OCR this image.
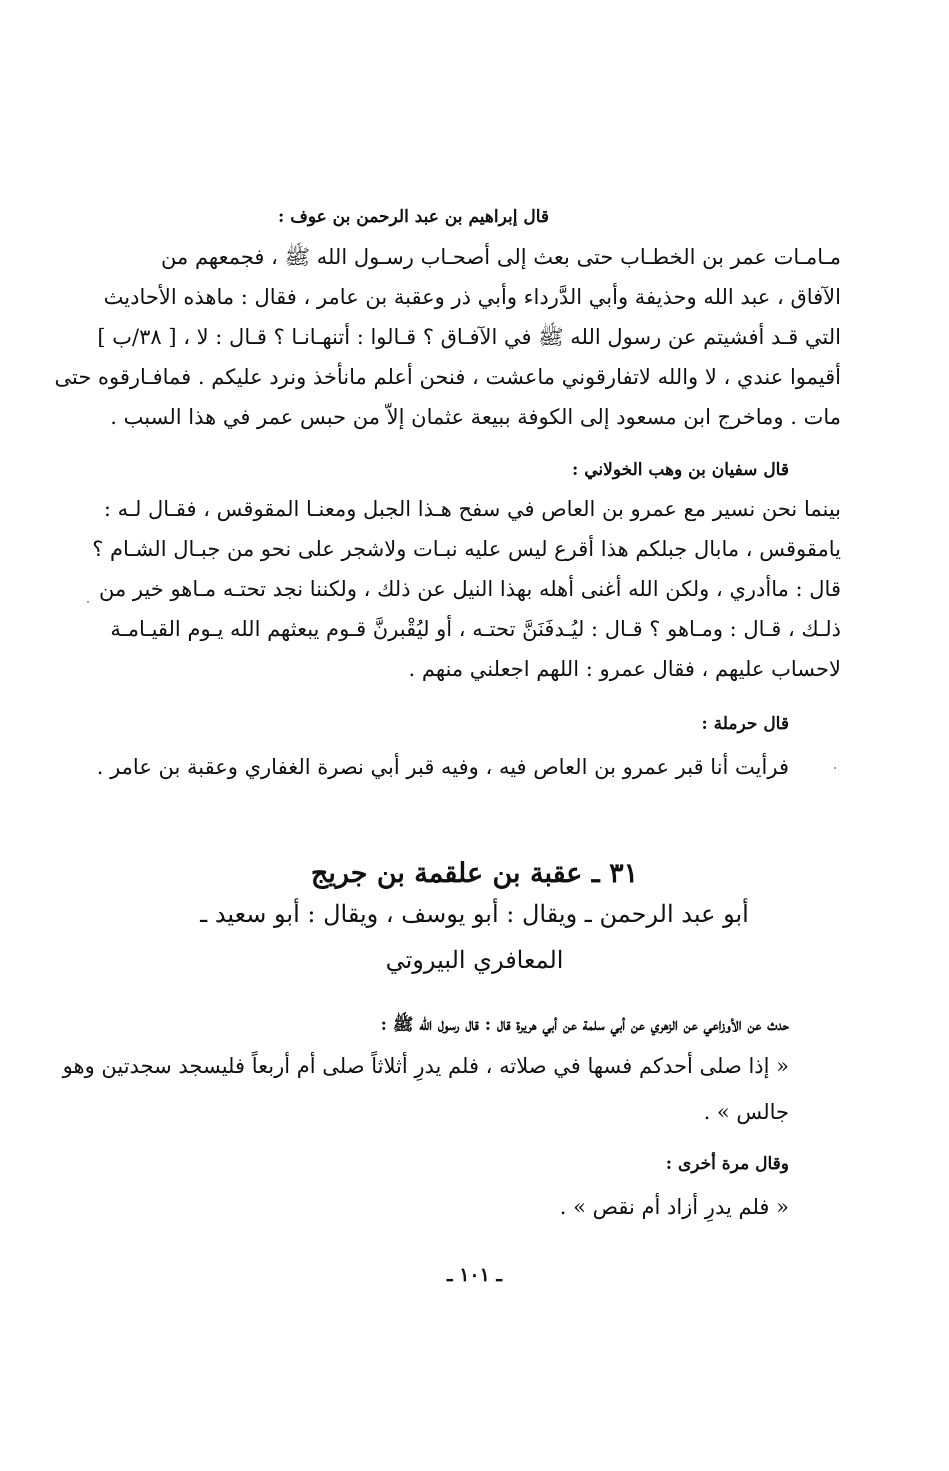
قال إبراهيم بن عبد الرحمن بن عوف :
مـامـات عمر بن الخطـاب حتى بعث إلى أصحـاب رسـول الله ﷺ ، فجمعهم من
الآفاق ، عبد الله وحذيفة وأبي الدَّرداء وأبي ذر وعقبة بن عامر ، فقال : ماهذه الأحاديث
التي قـد أفشيتم عن رسول الله ﷺ في الآفـاق ؟ قـالوا : أتنهـانـا ؟ قـال : لا ، [ ٣٨/ب ]
أقيموا عندي ، لا والله لاتفارقوني ماعشت ، فنحن أعلم مانأخذ ونرد عليكم . فمافـارقوه حتى
مات . وماخرج ابن مسعود إلى الكوفة ببيعة عثمان إلاّ من حبس عمر في هذا السبب .
قال سفيان بن وهب الخولاني :
بينما نحن نسير مع عمرو بن العاص في سفح هـذا الجبل ومعنـا المقوقس ، فقـال لـه :
يامقوقس ، مابال جبلكم هذا أقرع ليس عليه نبـات ولاشجر على نحو من جبـال الشـام ؟
قال : ماأدري ، ولكن الله أغنى أهله بهذا النيل عن ذلك ، ولكننا نجد تحتـه مـاهو خير من
ذلـك ، قـال : ومـاهو ؟ قـال : ليُـدفَنَنَّ تحتـه ، أو ليُقْبرنَّ قـوم يبعثهم الله يـوم القيـامـة
لاحساب عليهم ، فقال عمرو : اللهم اجعلني منهم .
قال حرملة :
فرأيت أنا قبر عمرو بن العاص فيه ، وفيه قبر أبي نصرة الغفاري وعقبة بن عامر .
٣١ ـ عقبة بن علقمة بن جريج
أبو عبد الرحمن ـ ويقال : أبو يوسف ، ويقال : أبو سعيد ـ
المعافري البيروتي
حدث عن الأوزاعي عن الزهري عن أبي سلمة عن أبي هريرة قال : قال رسول الله ﷺ :
« إذا صلى أحدكم فسها في صلاته ، فلم يدرِ أثلاثاً صلى أم أربعاً فليسجد سجدتين وهو
جالس » .
وقال مرة أخرى :
« فلم يدرِ أزاد أم نقص » .
ـ ١٠١ ـ
